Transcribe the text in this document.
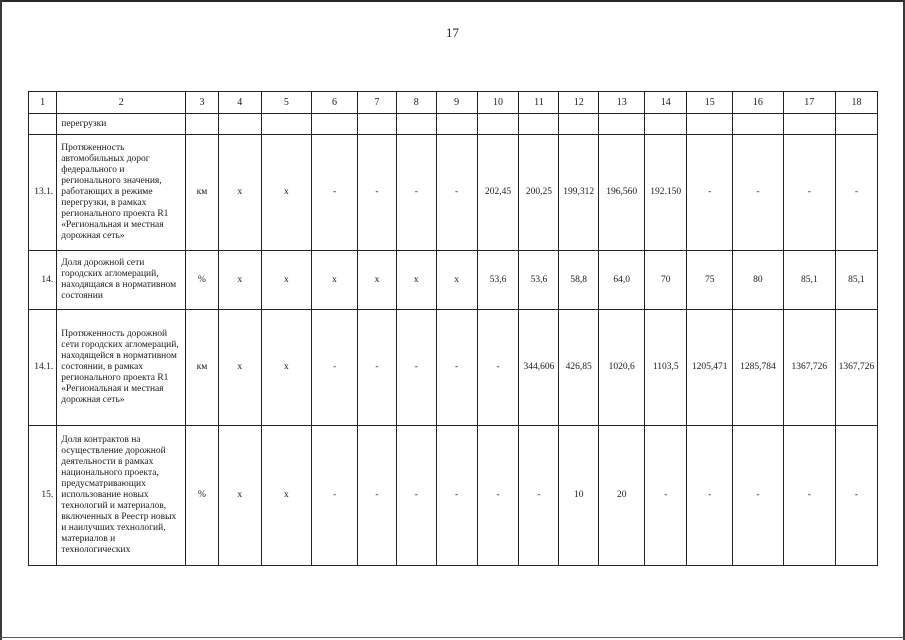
17
1	2	3	4	5	6	7	8	9	10	11	12	13	14	15	16	17	18
	перегрузки																
13.1.	Протяженность автомобильных дорог федерального и регионального значения, работающих в режиме перегрузки, в рамках регионального проекта R1 «Региональная и местная дорожная сеть»	км	х	х	-	-	-	-	202,45	200,25	199,312	196,560	192.150	-	-	-	-
14.	Доля дорожной сети городских агломераций, находящаяся в нормативном состоянии	%	х	х	х	х	х	х	53,6	53,6	58,8	64,0	70	75	80	85,1	85,1
14.1.	Протяженность дорожной сети городских агломераций, находящейся в нормативном состоянии, в рамках регионального проекта R1 «Региональная и местная дорожная сеть»	км	х	х	-	-	-	-	-	344,606	426,85	1020,6	1103,5	1205,471	1285,784	1367,726	1367,726
15.	Доля контрактов на осуществление дорожной деятельности в рамках национального проекта, предусматривающих использование новых технологий и материалов, включенных в Реестр новых и наилучших технологий, материалов и технологических	%	х	х	-	-	-	-	-	-	10	20	-	-	-	-	-
